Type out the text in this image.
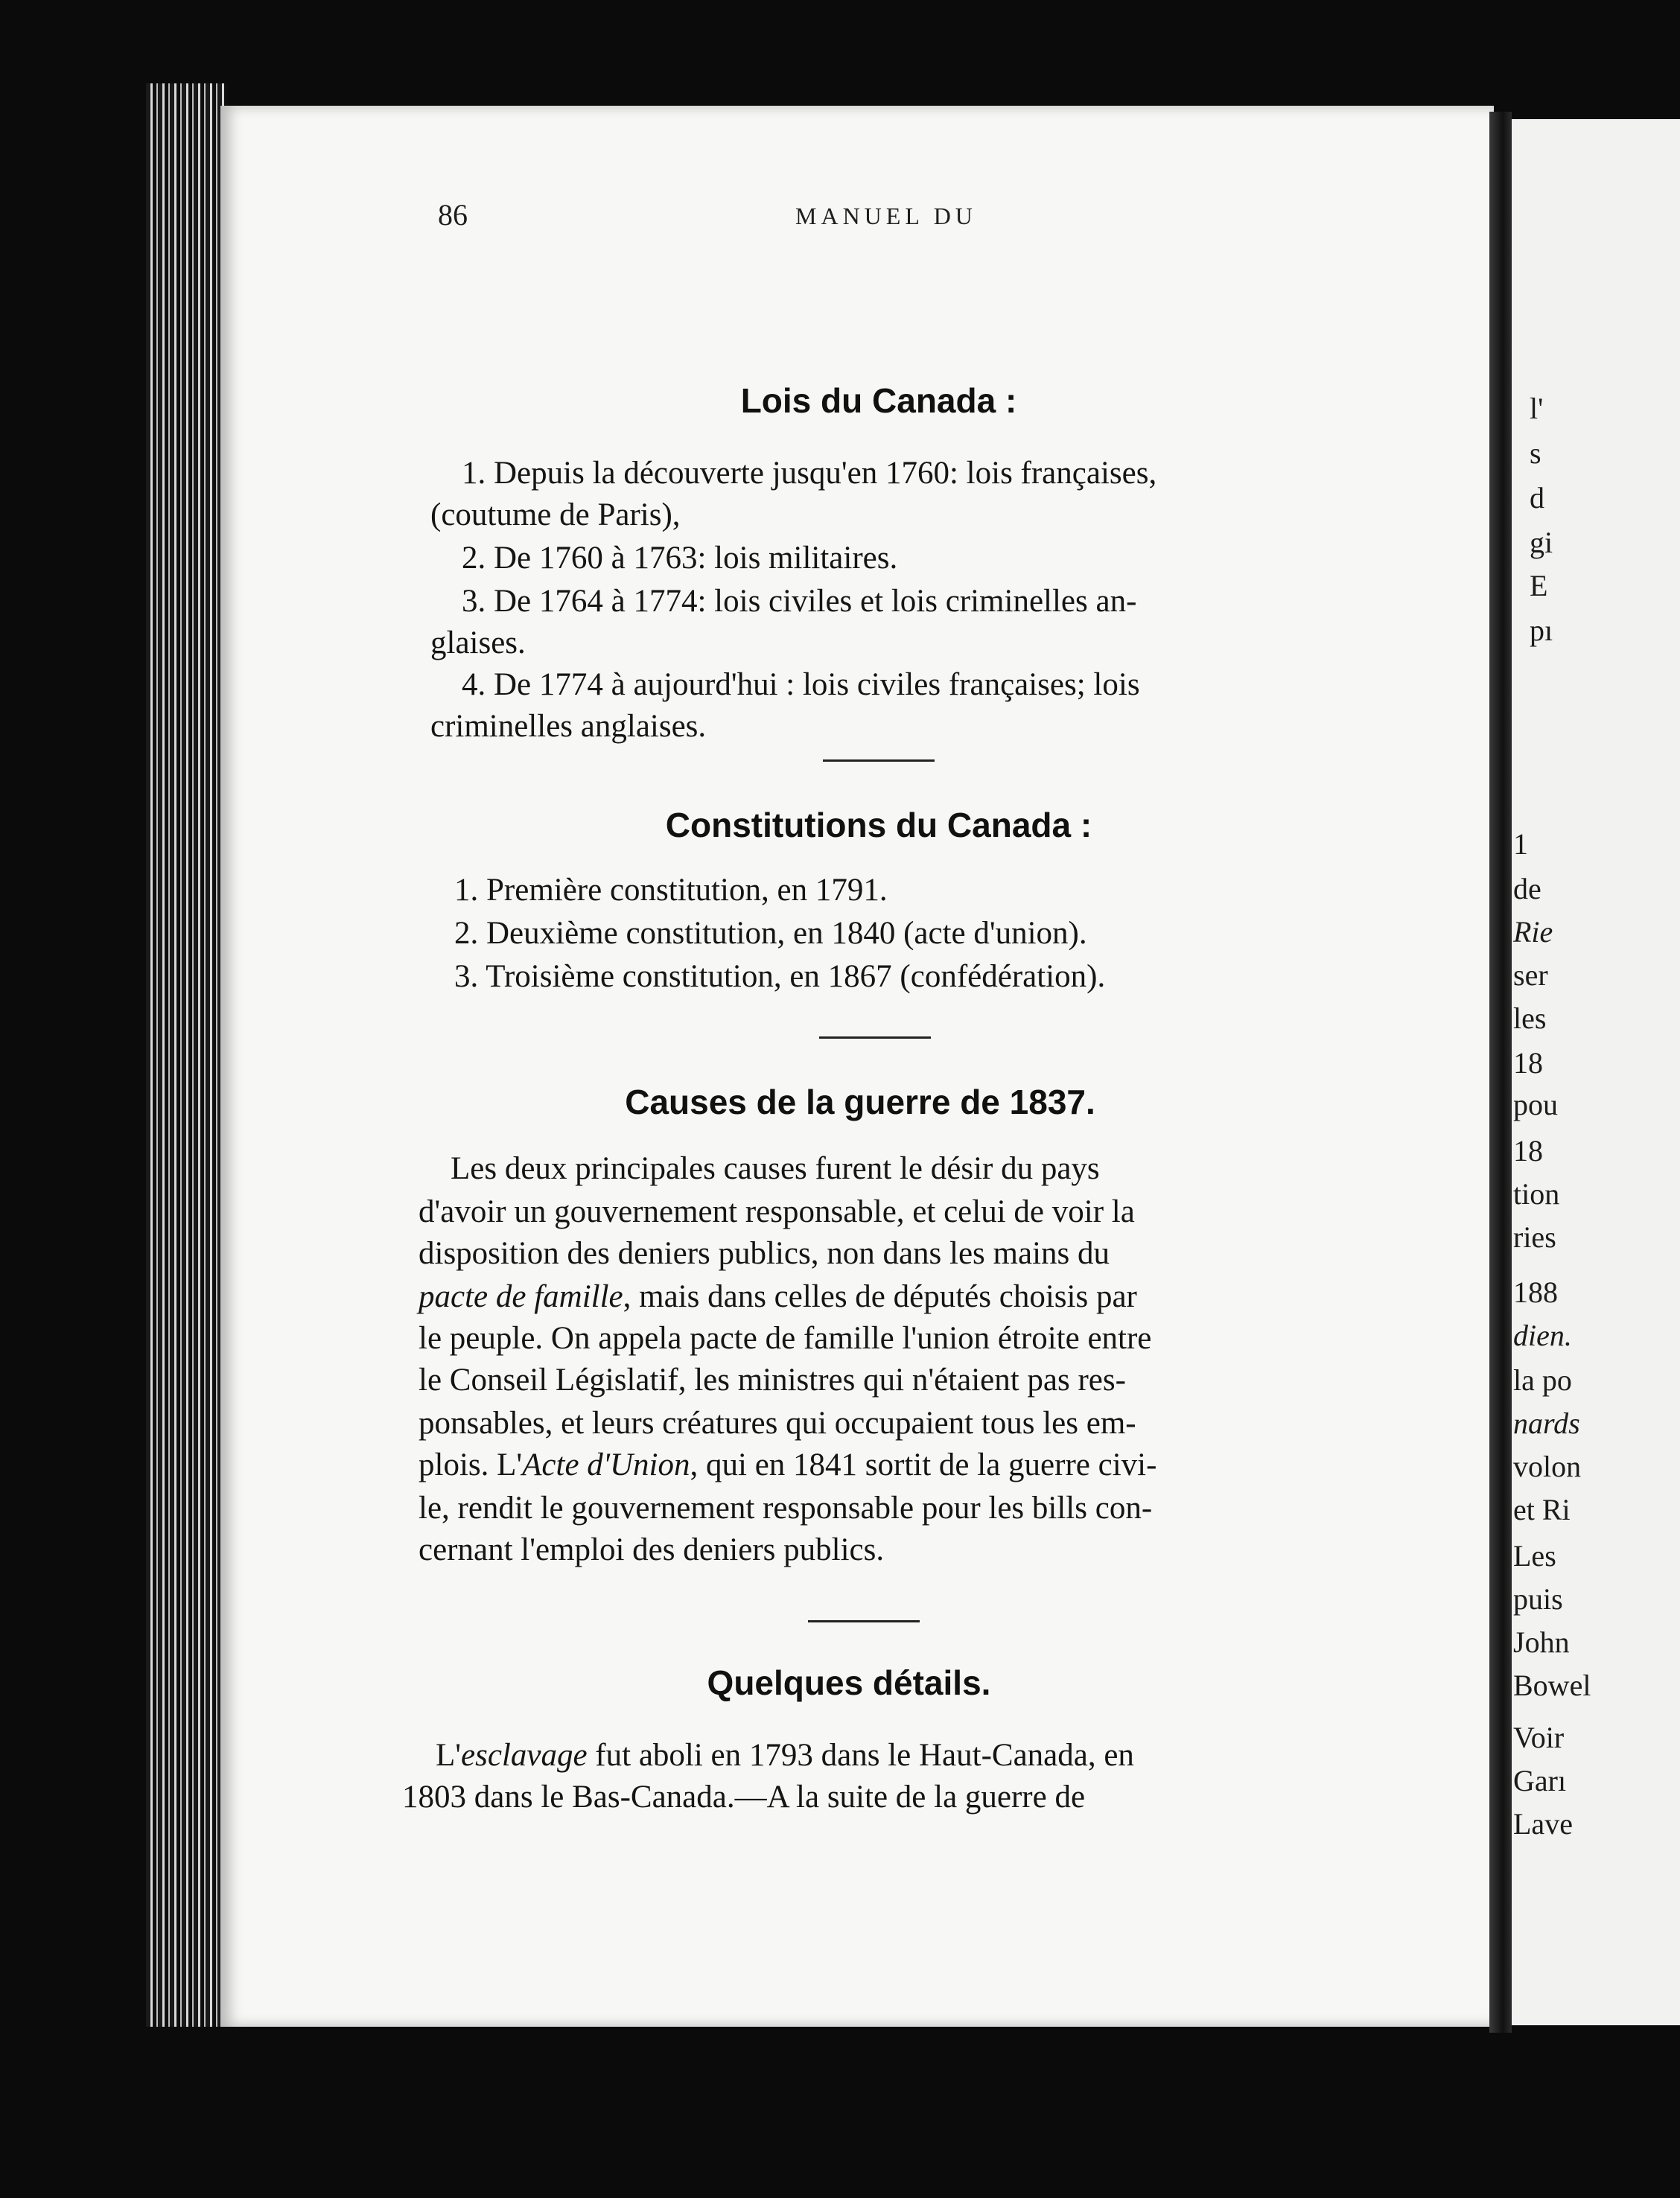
l'
s
d
gi
E
pı
1
de
Rie
ser
les
18
pou
18
tion
ries
188
dien.
la po
nards
volon
et Ri
Les
puis
John
Bowel
Voir
Garı
Lave
86	MANUEL DU
Lois du Canada :
1. Depuis la découverte jusqu'en 1760: lois françaises,
(coutume de Paris),
2. De 1760 à 1763: lois militaires.
3. De 1764 à 1774: lois civiles et lois criminelles an-
glaises.
4. De 1774 à aujourd'hui : lois civiles françaises; lois
criminelles anglaises.
Constitutions du Canada :
1. Première constitution, en 1791.
2. Deuxième constitution, en 1840 (acte d'union).
3. Troisième constitution, en 1867 (confédération).
Causes de la guerre de 1837.
Les deux principales causes furent le désir du pays
d'avoir un gouvernement responsable, et celui de voir la
disposition des deniers publics, non dans les mains du
pacte de famille, mais dans celles de députés choisis par
le peuple. On appela pacte de famille l'union étroite entre
le Conseil Législatif, les ministres qui n'étaient pas res-
ponsables, et leurs créatures qui occupaient tous les em-
plois. L'Acte d'Union, qui en 1841 sortit de la guerre civi-
le, rendit le gouvernement responsable pour les bills con-
cernant l'emploi des deniers publics.
Quelques détails.
L'esclavage fut aboli en 1793 dans le Haut-Canada, en
1803 dans le Bas-Canada.—A la suite de la guerre de
